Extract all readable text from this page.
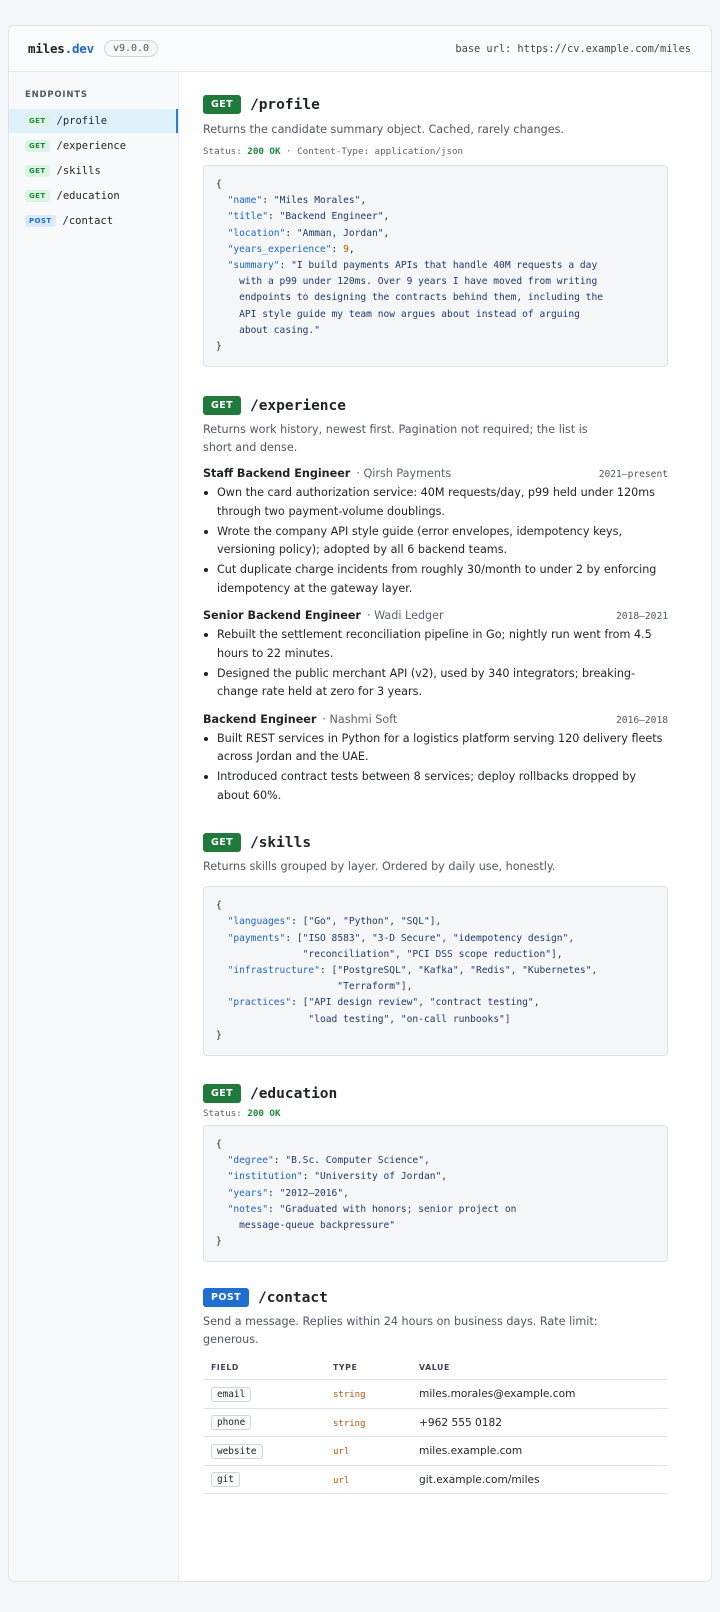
miles.dev	v9.0.0	base url: https://cv.example.com/miles
ENDPOINTS
GET	/profile
GET	/experience
GET	/skills
GET	/education
POST	/contact
GET	/profile
Returns the candidate summary object. Cached, rarely changes.
Status: 200 OK · Content-Type: application/json
{
"name": "Miles Morales",
"title": "Backend Engineer",
"location": "Amman, Jordan",
"years_experience": 9,
"summary": "I build payments APIs that handle 40M requests a day
with a p99 under 120ms. Over 9 years I have moved from writing
endpoints to designing the contracts behind them, including the
API style guide my team now argues about instead of arguing
about casing."
}
GET	/experience
Returns work history, newest first. Pagination not required; the list is
short and dense.
Staff Backend Engineer · Qirsh Payments	2021–present
Own the card authorization service: 40M requests/day, p99 held under 120ms through two payment-volume doublings.
Wrote the company API style guide (error envelopes, idempotency keys, versioning policy); adopted by all 6 backend teams.
Cut duplicate charge incidents from roughly 30/month to under 2 by enforcing idempotency at the gateway layer.
Senior Backend Engineer · Wadi Ledger	2018–2021
Rebuilt the settlement reconciliation pipeline in Go; nightly run went from 4.5 hours to 22 minutes.
Designed the public merchant API (v2), used by 340 integrators; breaking-change rate held at zero for 3 years.
Backend Engineer · Nashmi Soft	2016–2018
Built REST services in Python for a logistics platform serving 120 delivery fleets across Jordan and the UAE.
Introduced contract tests between 8 services; deploy rollbacks dropped by about 60%.
GET	/skills
Returns skills grouped by layer. Ordered by daily use, honestly.
{
"languages": ["Go", "Python", "SQL"],
"payments": ["ISO 8583", "3-D Secure", "idempotency design",
"reconciliation", "PCI DSS scope reduction"],
"infrastructure": ["PostgreSQL", "Kafka", "Redis", "Kubernetes",
"Terraform"],
"practices": ["API design review", "contract testing",
"load testing", "on-call runbooks"]
}
GET	/education
Status: 200 OK
{
"degree": "B.Sc. Computer Science",
"institution": "University of Jordan",
"years": "2012–2016",
"notes": "Graduated with honors; senior project on
message-queue backpressure"
}
POST	/contact
Send a message. Replies within 24 hours on business days. Rate limit:
generous.
FIELD	TYPE	VALUE
email	string	miles.morales@example.com
phone	string	+962 555 0182
website	url	miles.example.com
git	url	git.example.com/miles
